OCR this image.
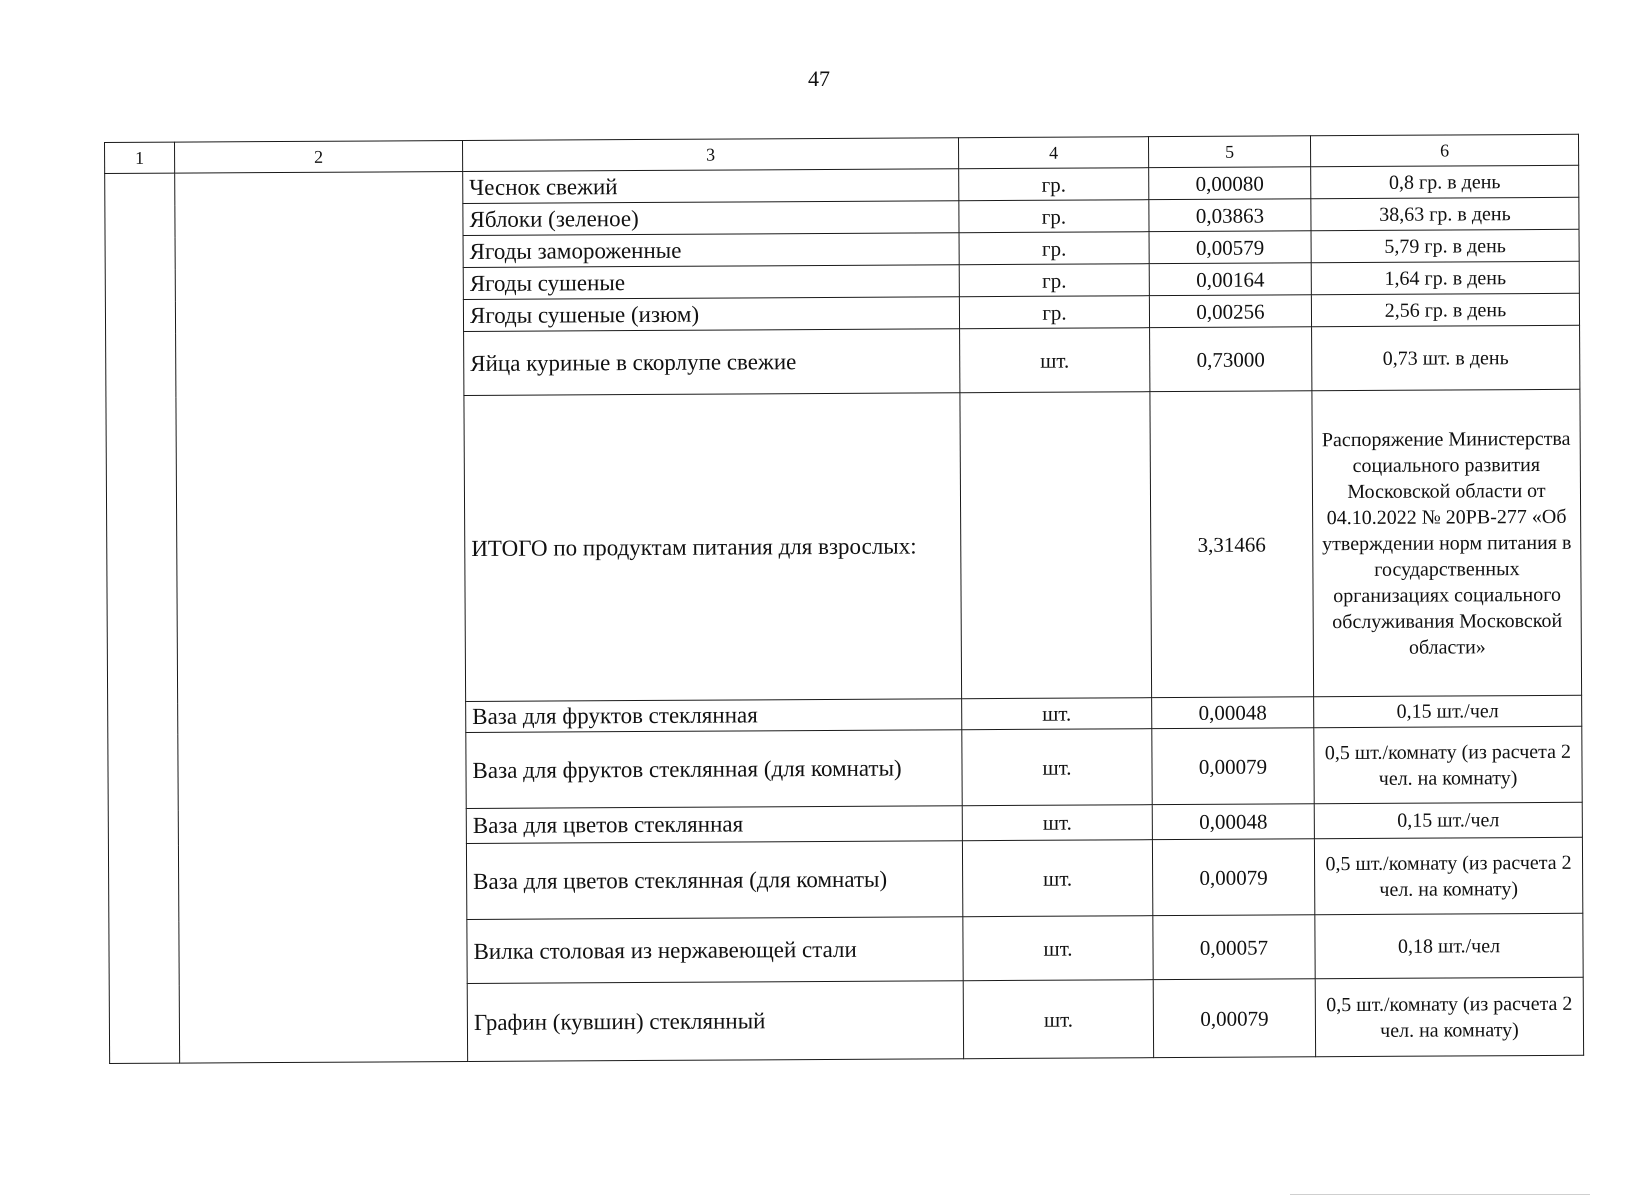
47
1	2	3	4	5	6
		Чеснок свежий	гр.	0,00080	0,8 гр. в день
		Яблоки (зеленое)	гр.	0,03863	38,63 гр. в день
		Ягоды замороженные	гр.	0,00579	5,79 гр. в день
		Ягоды сушеные	гр.	0,00164	1,64 гр. в день
		Ягоды сушеные (изюм)	гр.	0,00256	2,56 гр. в день
		Яйца куриные в скорлупе свежие	шт.	0,73000	0,73 шт. в день
		ИТОГО по продуктам питания для взрослых:		3,31466	Распоряжение Министерства социального развития Московской области от 04.10.2022 № 20РВ-277 «Об утверждении норм питания в государственных организациях социального обслуживания Московской области»
		Ваза для фруктов стеклянная	шт.	0,00048	0,15 шт./чел
		Ваза для фруктов стеклянная (для комнаты)	шт.	0,00079	0,5 шт./комнату (из расчета 2 чел. на комнату)
		Ваза для цветов стеклянная	шт.	0,00048	0,15 шт./чел
		Ваза для цветов стеклянная (для комнаты)	шт.	0,00079	0,5 шт./комнату (из расчета 2 чел. на комнату)
		Вилка столовая из нержавеющей стали	шт.	0,00057	0,18 шт./чел
		Графин (кувшин) стеклянный	шт.	0,00079	0,5 шт./комнату (из расчета 2 чел. на комнату)
